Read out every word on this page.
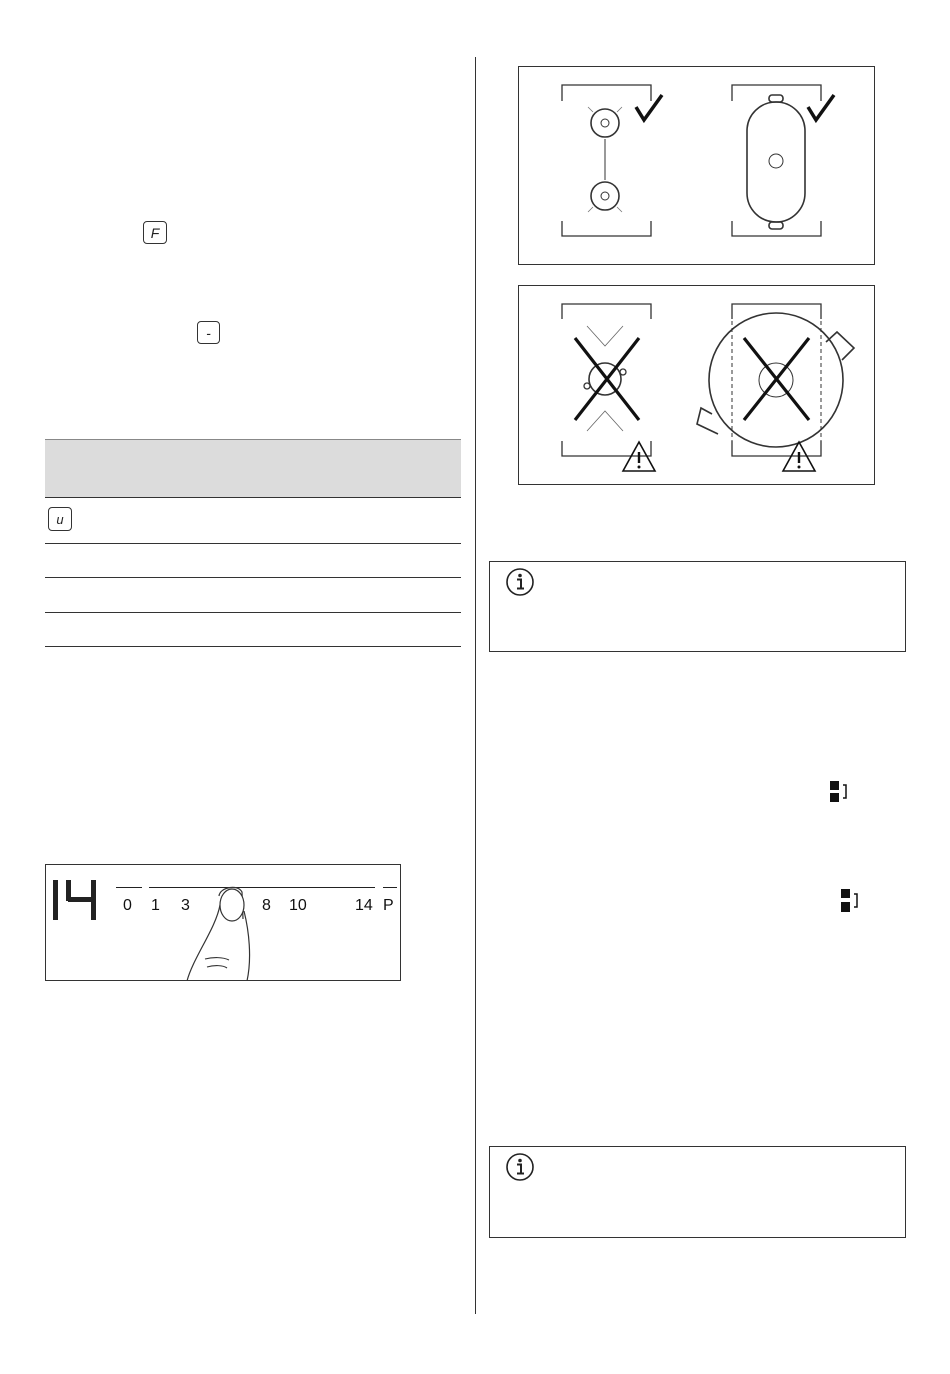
F
-
u
0 1 3	8 10	14 P
